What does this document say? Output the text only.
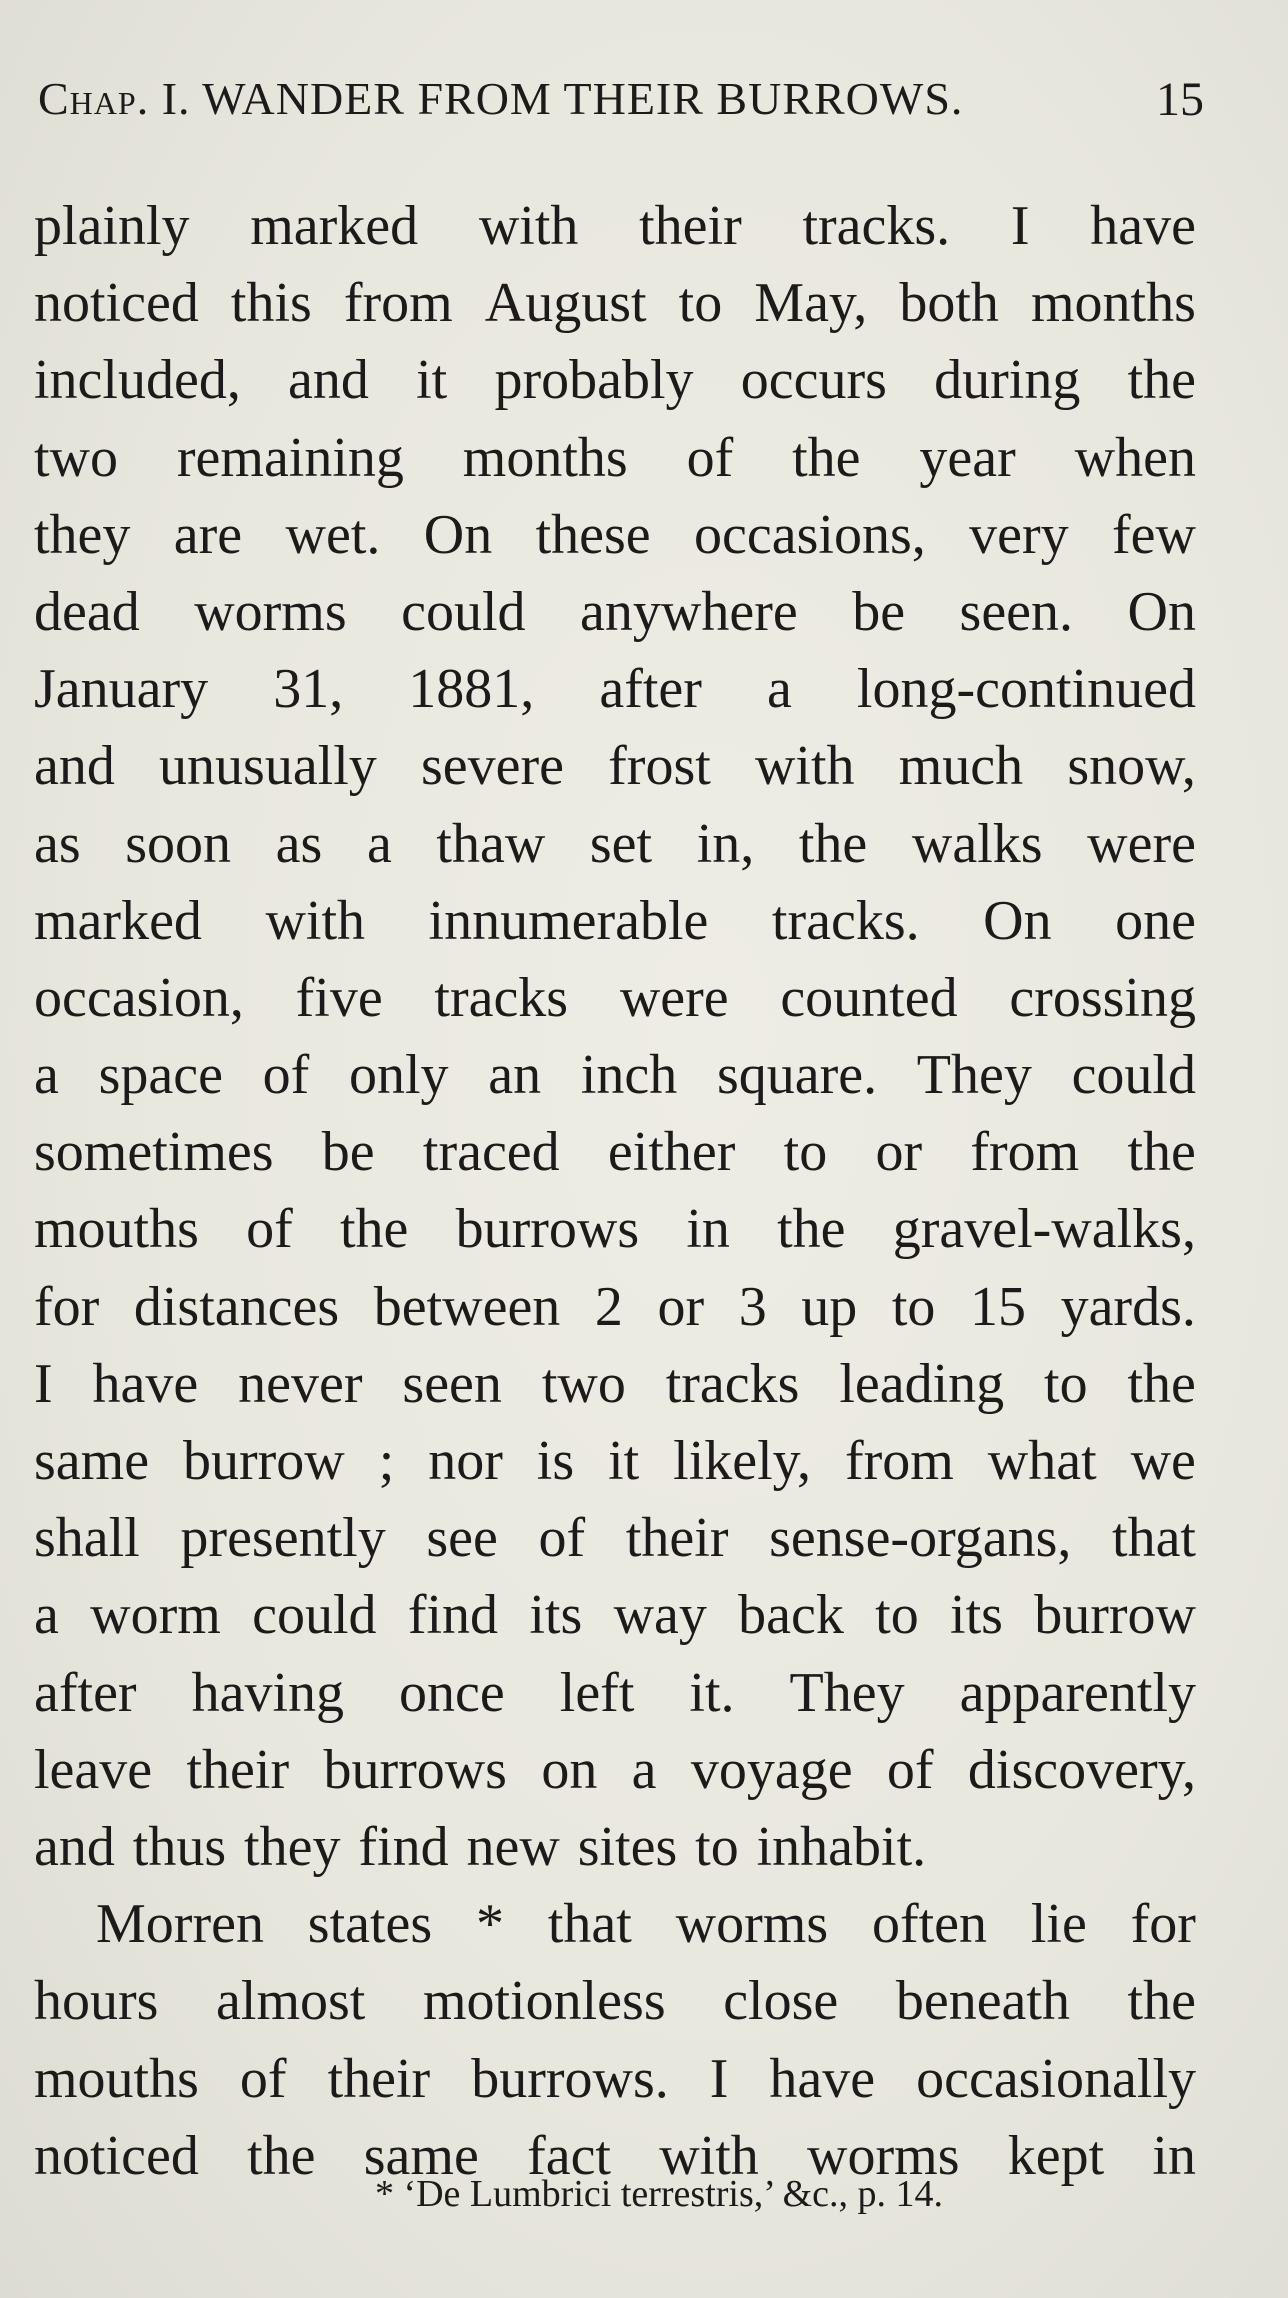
Chap. I. WANDER FROM THEIR BURROWS.	15
plainly marked with their tracks. I have
noticed this from August to May, both months
included, and it probably occurs during the
two remaining months of the year when
they are wet. On these occasions, very few
dead worms could anywhere be seen. On
January 31, 1881, after a long-continued
and unusually severe frost with much snow,
as soon as a thaw set in, the walks were
marked with innumerable tracks. On one
occasion, five tracks were counted crossing
a space of only an inch square. They could
sometimes be traced either to or from the
mouths of the burrows in the gravel-walks,
for distances between 2 or 3 up to 15 yards.
I have never seen two tracks leading to the
same burrow ; nor is it likely, from what we
shall presently see of their sense-organs, that
a worm could find its way back to its burrow
after having once left it. They apparently
leave their burrows on a voyage of discovery,
and thus they find new sites to inhabit.
Morren states * that worms often lie for
hours almost motionless close beneath the
mouths of their burrows. I have occasionally
noticed the same fact with worms kept in
* ‘De Lumbrici terrestris,’ &c., p. 14.
